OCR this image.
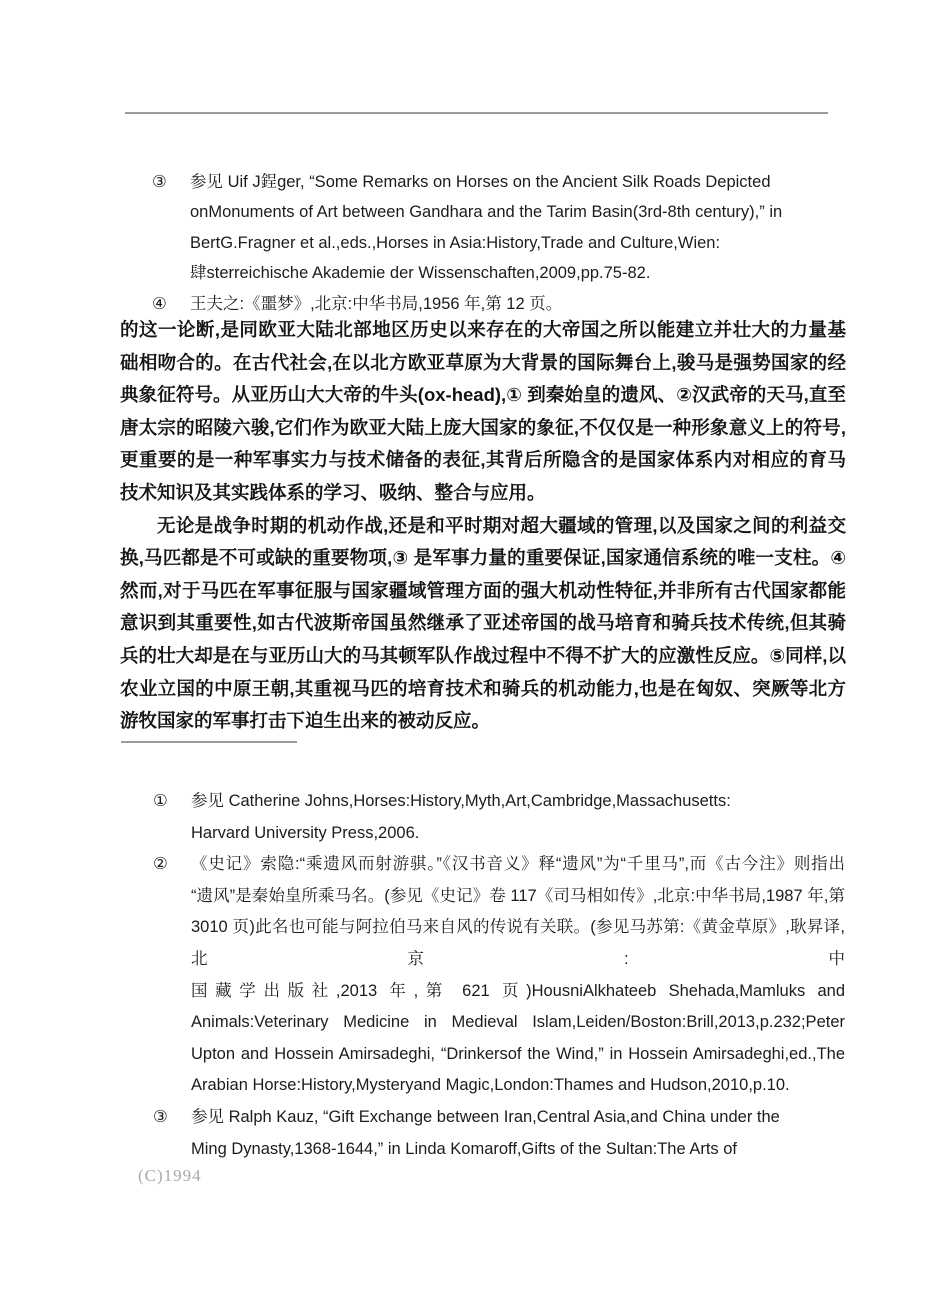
③	参见 Uif J鋥ger, “Some Remarks on Horses on the Ancient Silk Roads Depicted
onMonuments of Art between Gandhara and the Tarim Basin(3rd-8th century),” in
BertG.Fragner et al.,eds.,Horses in Asia:History,Trade and Culture,Wien:
肆sterreichische Akademie der Wissenschaften,2009,pp.75-82.
④	王夫之:《噩梦》,北京:中华书局,1956 年,第 12 页。
的这一论断,是同欧亚大陆北部地区历史以来存在的大帝国之所以能建立并壮大的力量基础相吻合的。在古代社会,在以北方欧亚草原为大背景的国际舞台上,骏马是强势国家的经典象征符号。从亚历山大大帝的牛头(ox-head),① 到秦始皇的遗风、②汉武帝的天马,直至唐太宗的昭陵六骏,它们作为欧亚大陆上庞大国家的象征,不仅仅是一种形象意义上的符号,更重要的是一种军事实力与技术储备的表征,其背后所隐含的是国家体系内对相应的育马技术知识及其实践体系的学习、吸纳、整合与应用。
无论是战争时期的机动作战,还是和平时期对超大疆域的管理,以及国家之间的利益交换,马匹都是不可或缺的重要物项,③ 是军事力量的重要保证,国家通信系统的唯一支柱。④然而,对于马匹在军事征服与国家疆域管理方面的强大机动性特征,并非所有古代国家都能意识到其重要性,如古代波斯帝国虽然继承了亚述帝国的战马培育和骑兵技术传统,但其骑兵的壮大却是在与亚历山大的马其顿军队作战过程中不得不扩大的应激性反应。⑤同样,以农业立国的中原王朝,其重视马匹的培育技术和骑兵的机动能力,也是在匈奴、突厥等北方游牧国家的军事打击下迫生出来的被动反应。
①	参见 Catherine Johns,Horses:History,Myth,Art,Cambridge,Massachusetts:
Harvard University Press,2006.
②	《史记》索隐:“乘遗风而射游骐。”《汉书音义》释“遗风”为“千里马”,而《古今注》则指出
“遗风”是秦始皇所乘马名。(参见《史记》卷 117《司马相如传》,北京:中华书局,1987 年,第
3010 页)此名也可能与阿拉伯马来自风的传说有关联。(参见马苏第:《黄金草原》,耿昇译,北京:中
国藏学出版社,2013 年,第 621 页)HousniAlkhateeb Shehada,Mamluks and
Animals:Veterinary Medicine in Medieval Islam,Leiden/Boston:Brill,2013,p.232;Peter
Upton and Hossein Amirsadeghi, “Drinkersof the Wind,” in Hossein Amirsadeghi,ed.,The
Arabian Horse:History,Mysteryand Magic,London:Thames and Hudson,2010,p.10.
③	参见 Ralph Kauz, “Gift Exchange between Iran,Central Asia,and China under the
Ming Dynasty,1368-1644,” in Linda Komaroff,Gifts of the Sultan:The Arts of
(C)1994
